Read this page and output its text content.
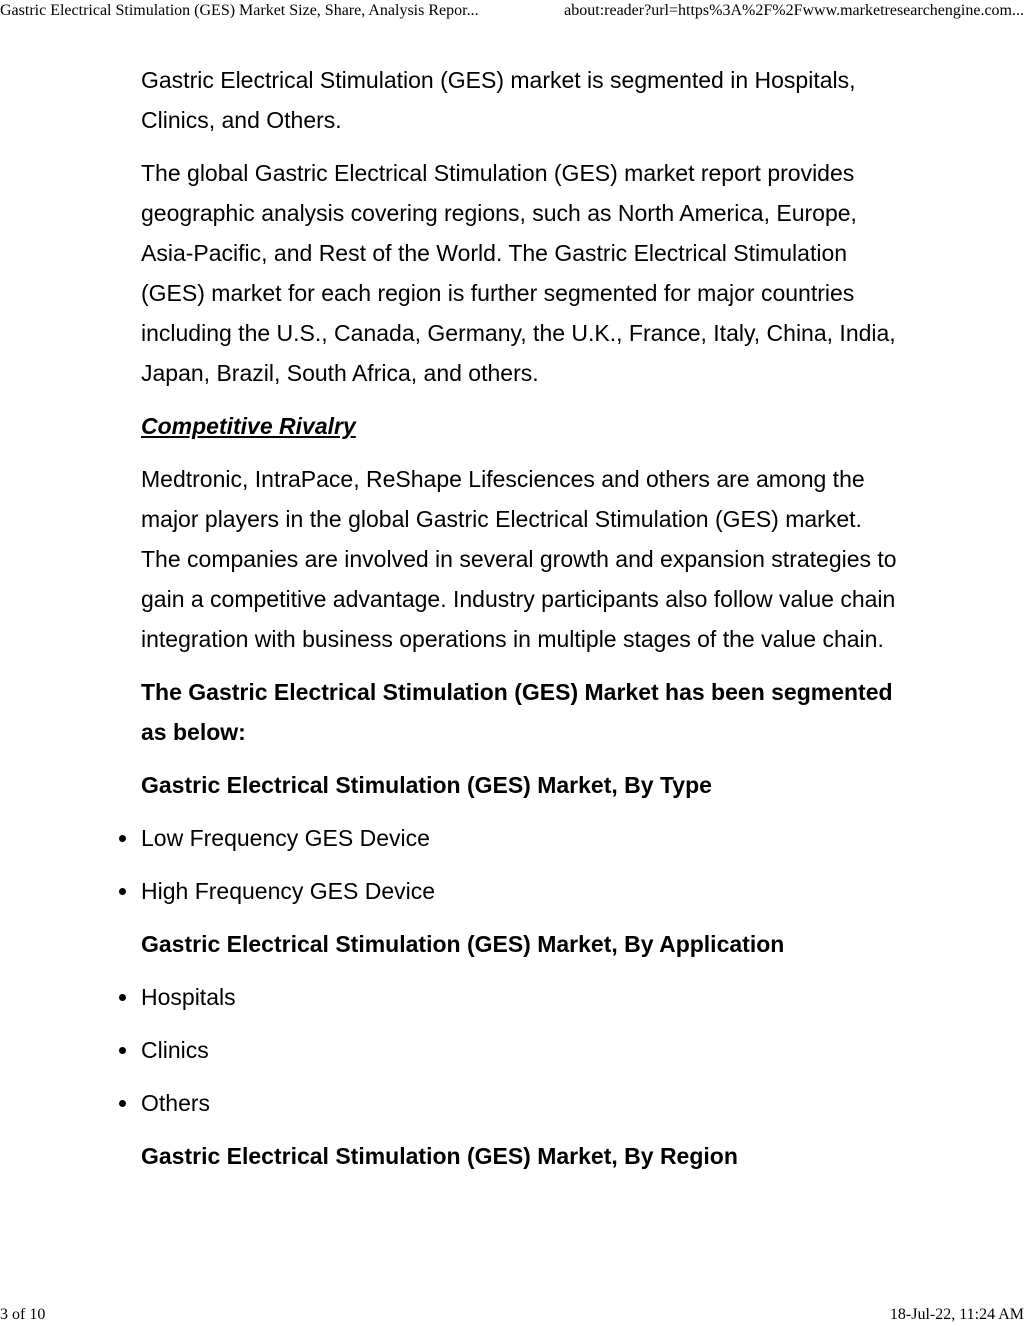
Gastric Electrical Stimulation (GES) Market Size, Share, Analysis Repor...	about:reader?url=https%3A%2F%2Fwww.marketresearchengine.com...

Gastric Electrical Stimulation (GES) market is segmented in Hospitals, Clinics, and Others.

The global Gastric Electrical Stimulation (GES) market report provides geographic analysis covering regions, such as North America, Europe, Asia-Pacific, and Rest of the World. The Gastric Electrical Stimulation (GES) market for each region is further segmented for major countries including the U.S., Canada, Germany, the U.K., France, Italy, China, India, Japan, Brazil, South Africa, and others.

Competitive Rivalry

Medtronic, IntraPace, ReShape Lifesciences and others are among the major players in the global Gastric Electrical Stimulation (GES) market. The companies are involved in several growth and expansion strategies to gain a competitive advantage. Industry participants also follow value chain integration with business operations in multiple stages of the value chain.

The Gastric Electrical Stimulation (GES) Market has been segmented as below:
Gastric Electrical Stimulation (GES) Market, By Type
Low Frequency GES Device
High Frequency GES Device
Gastric Electrical Stimulation (GES) Market, By Application
Hospitals
Clinics
Others
Gastric Electrical Stimulation (GES) Market, By Region
3 of 10	18-Jul-22, 11:24 AM
